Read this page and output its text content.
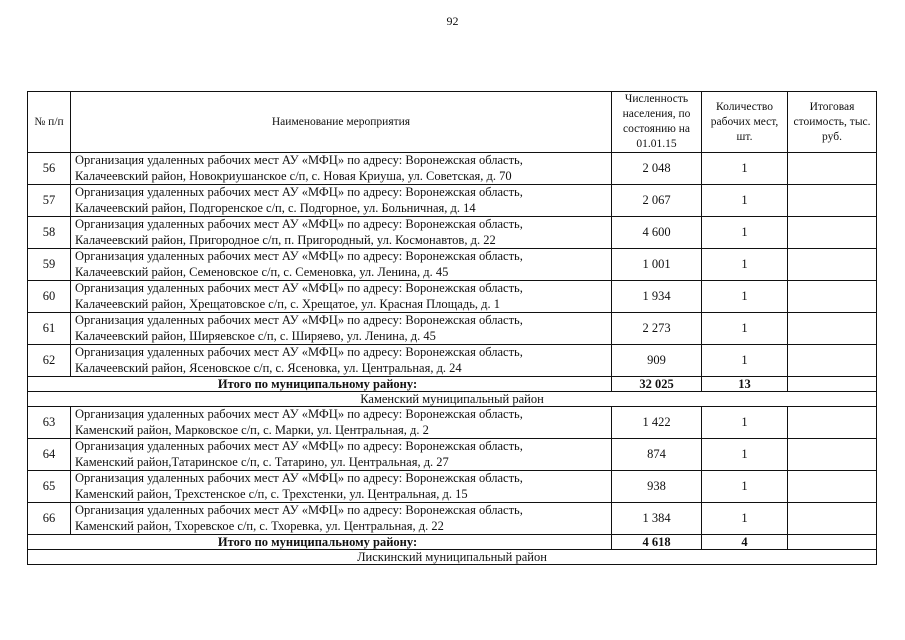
92
№ п/п	Наименование мероприятия	Численность населения, по состоянию на 01.01.15	Количество рабочих мест, шт.	Итоговая стоимость, тыс. руб.
56	Организация удаленных рабочих мест АУ «МФЦ» по адресу: Воронежская область,
Калачеевский район, Новокриушанское с/п, с. Новая Криуша, ул. Советская, д. 70	2 048	1	
57	Организация удаленных рабочих мест АУ «МФЦ» по адресу: Воронежская область,
Калачеевский район, Подгоренское с/п, с. Подгорное, ул. Больничная, д. 14	2 067	1	
58	Организация удаленных рабочих мест АУ «МФЦ» по адресу: Воронежская область,
Калачеевский район, Пригородное с/п, п. Пригородный, ул. Космонавтов, д. 22	4 600	1	
59	Организация удаленных рабочих мест АУ «МФЦ» по адресу: Воронежская область,
Калачеевский район, Семеновское с/п, с. Семеновка, ул. Ленина, д. 45	1 001	1	
60	Организация удаленных рабочих мест АУ «МФЦ» по адресу: Воронежская область,
Калачеевский район, Хрещатовское с/п, с. Хрещатое, ул. Красная Площадь, д. 1	1 934	1	
61	Организация удаленных рабочих мест АУ «МФЦ» по адресу: Воронежская область,
Калачеевский район, Ширяевское с/п, с. Ширяево, ул. Ленина, д. 45	2 273	1	
62	Организация удаленных рабочих мест АУ «МФЦ» по адресу: Воронежская область,
Калачеевский район, Ясеновское с/п, с. Ясеновка, ул. Центральная, д. 24	909	1	
Итого по муниципальному району:		32 025	13	
Каменский муниципальный район				
63	Организация удаленных рабочих мест АУ «МФЦ» по адресу: Воронежская область,
Каменский район, Марковское с/п, с. Марки, ул. Центральная, д. 2	1 422	1	
64	Организация удаленных рабочих мест АУ «МФЦ» по адресу: Воронежская область,
Каменский район,Татаринское с/п, с. Татарино, ул. Центральная, д. 27	874	1	
65	Организация удаленных рабочих мест АУ «МФЦ» по адресу: Воронежская область,
Каменский район, Трехстенское с/п, с. Трехстенки, ул. Центральная, д. 15	938	1	
66	Организация удаленных рабочих мест АУ «МФЦ» по адресу: Воронежская область,
Каменский район, Тхоревское с/п, с. Тхоревка, ул. Центральная, д. 22	1 384	1	
Итого по муниципальному району:		4 618	4	
Лискинский муниципальный район				
